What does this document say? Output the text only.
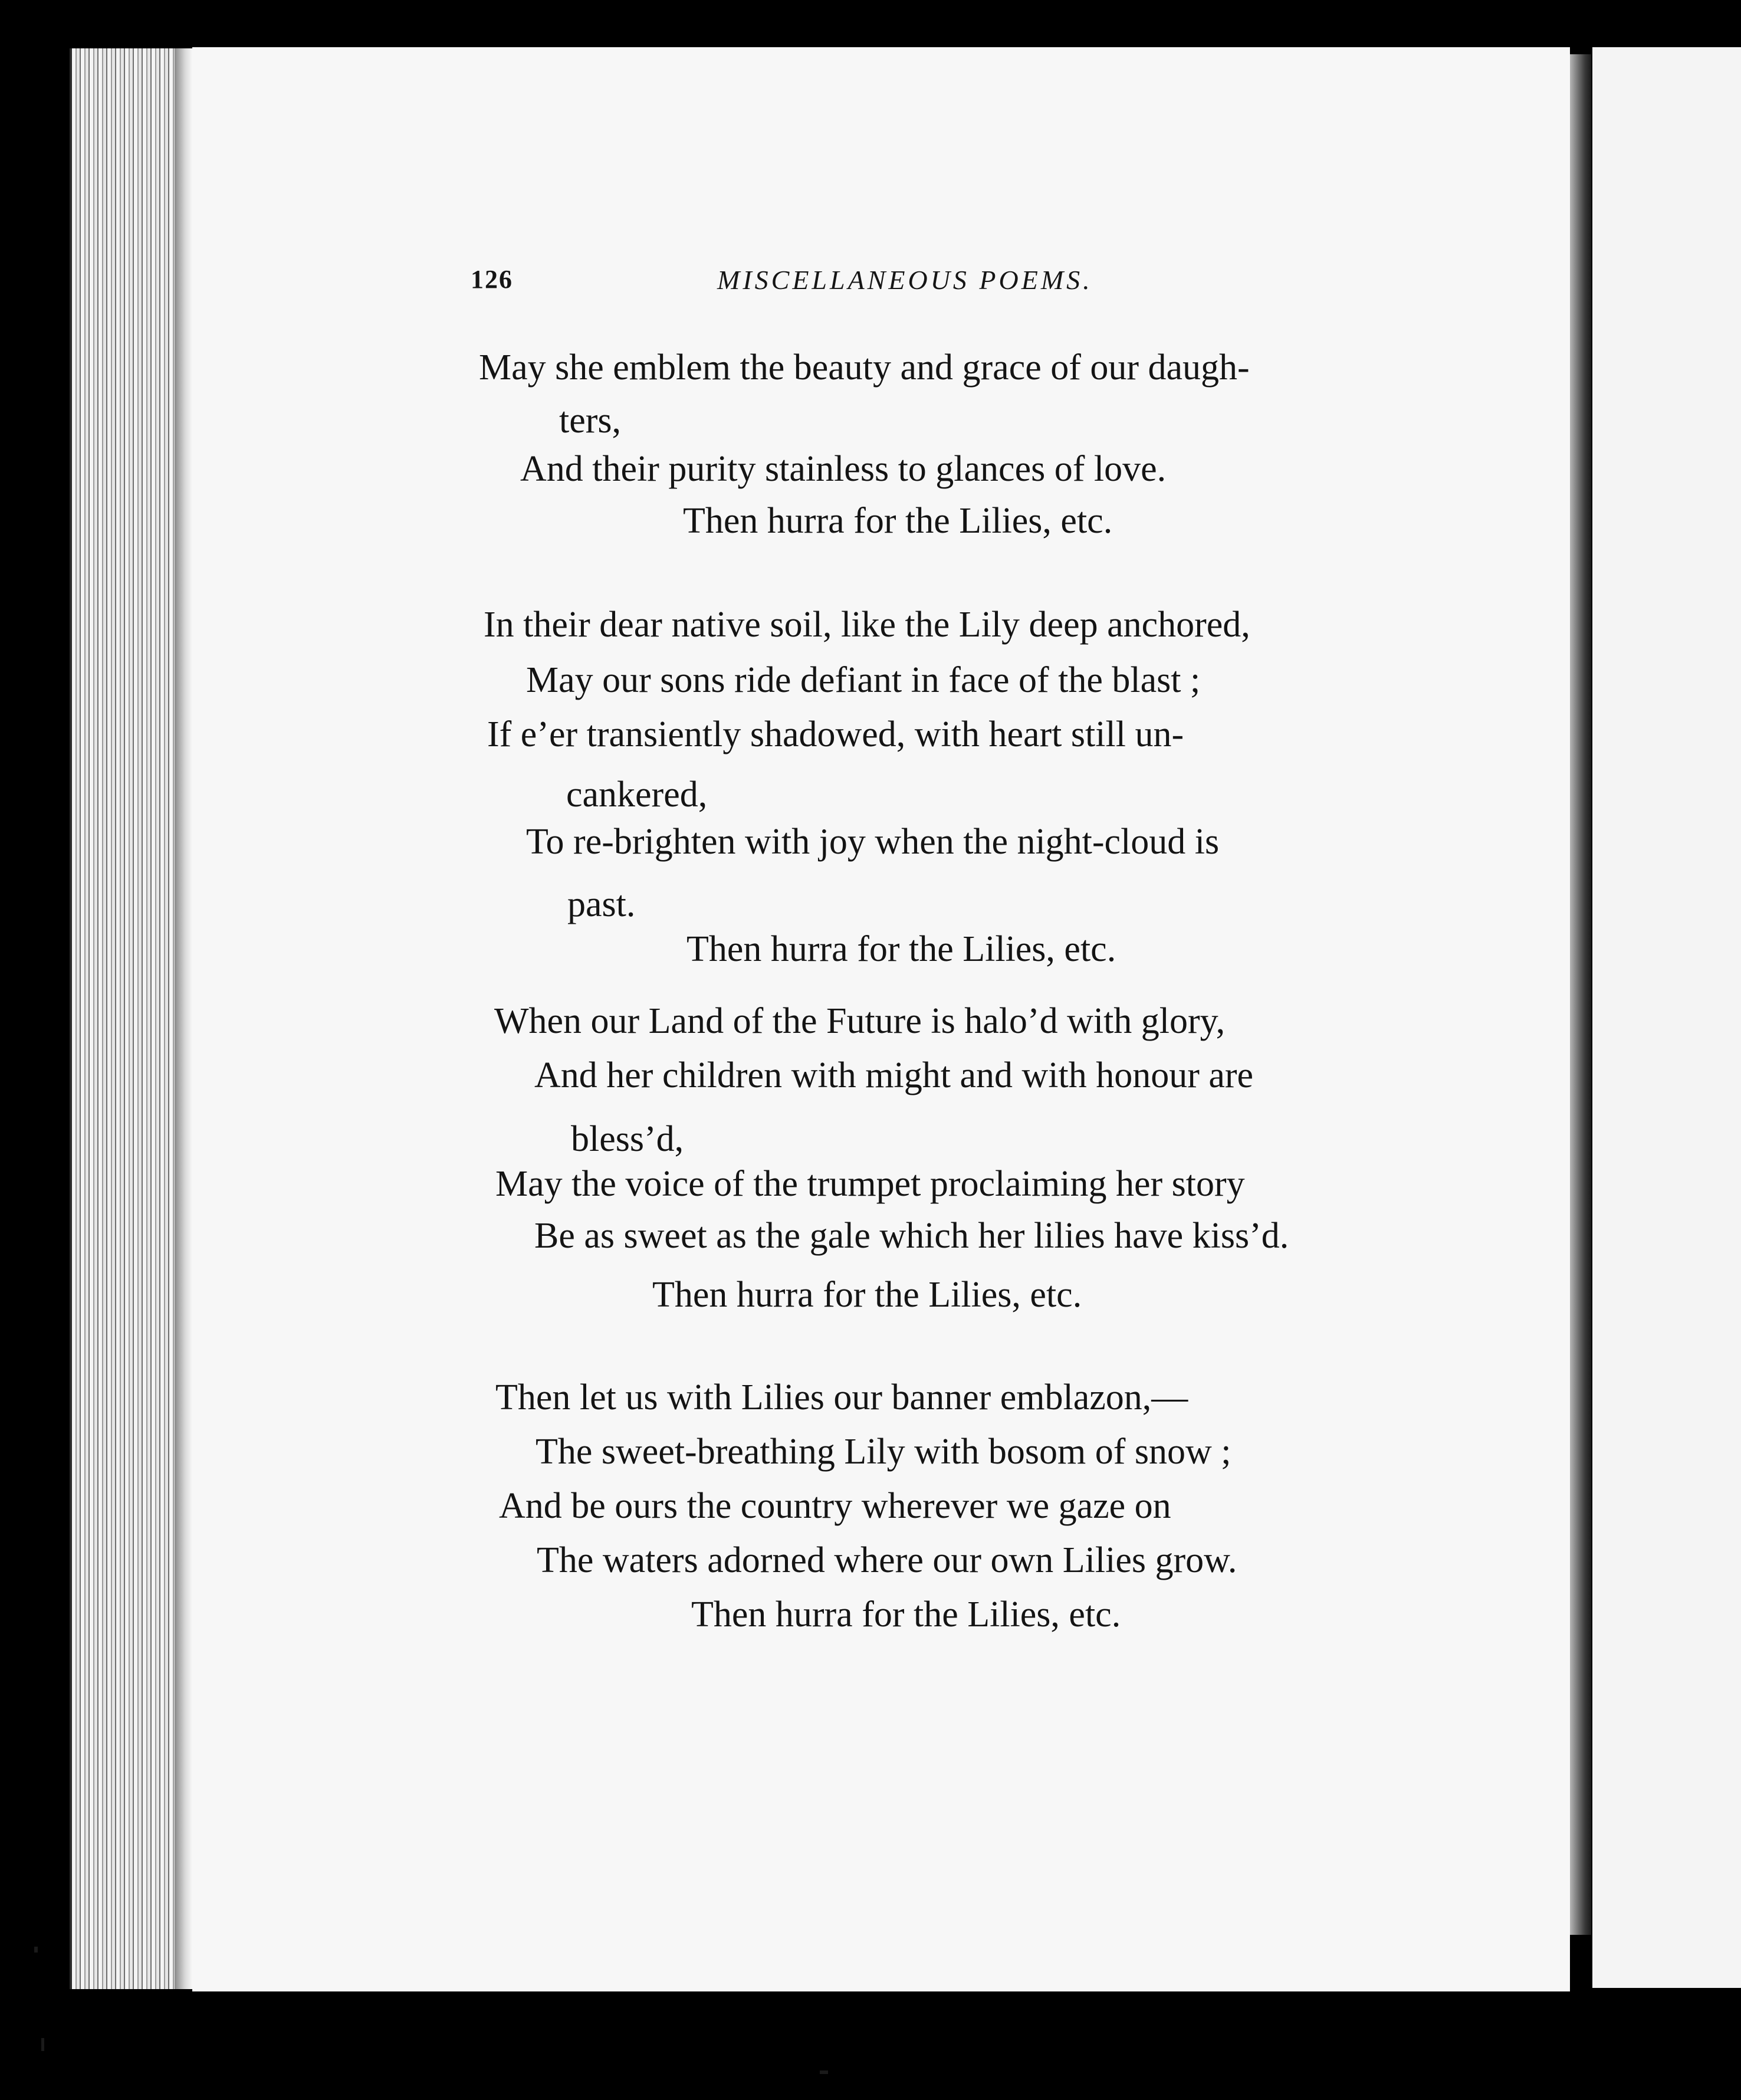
126	MISCELLANEOUS POEMS.
May she emblem the beauty and grace of our daugh-
ters,
And their purity stainless to glances of love.
Then hurra for the Lilies, etc.
In their dear native soil, like the Lily deep anchored,
May our sons ride defiant in face of the blast ;
If e’er transiently shadowed, with heart still un-
cankered,
To re-brighten with joy when the night-cloud is
past.
Then hurra for the Lilies, etc.
When our Land of the Future is halo’d with glory,
And her children with might and with honour are
bless’d,
May the voice of the trumpet proclaiming her story
Be as sweet as the gale which her lilies have kiss’d.
Then hurra for the Lilies, etc.
Then let us with Lilies our banner emblazon,—
The sweet-breathing Lily with bosom of snow ;
And be ours the country wherever we gaze on
The waters adorned where our own Lilies grow.
Then hurra for the Lilies, etc.
